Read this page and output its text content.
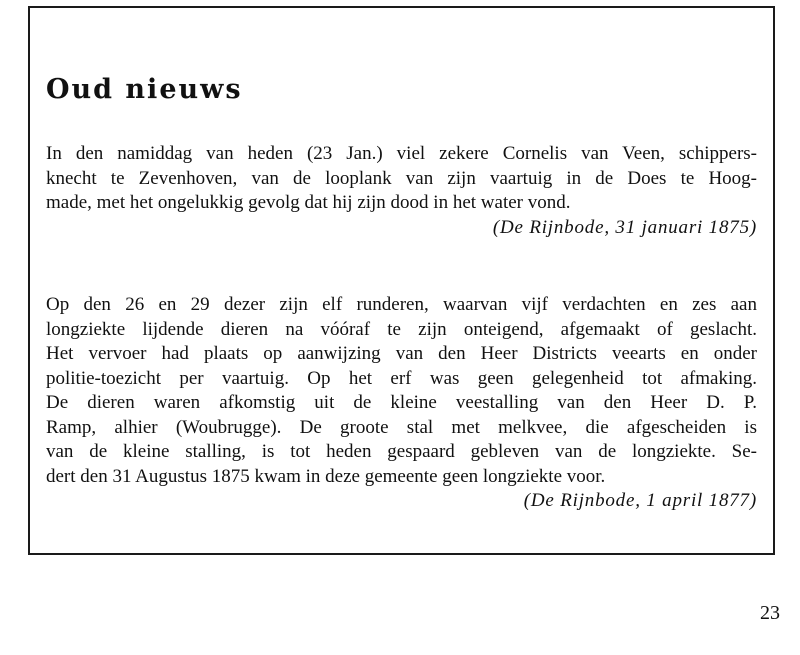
Oud nieuws
In den namiddag van heden (23 Jan.) viel zekere Cornelis van Veen, schippers-
knecht te Zevenhoven, van de looplank van zijn vaartuig in de Does te Hoog-
made, met het ongelukkig gevolg dat hij zijn dood in het water vond.
(De Rijnbode, 31 januari 1875)
Op den 26 en 29 dezer zijn elf runderen, waarvan vijf verdachten en zes aan
longziekte lijdende dieren na vóóraf te zijn onteigend, afgemaakt of geslacht.
Het vervoer had plaats op aanwijzing van den Heer Districts veearts en onder
politie-toezicht per vaartuig. Op het erf was geen gelegenheid tot afmaking.
De dieren waren afkomstig uit de kleine veestalling van den Heer D. P.
Ramp, alhier (Woubrugge). De groote stal met melkvee, die afgescheiden is
van de kleine stalling, is tot heden gespaard gebleven van de longziekte. Se-
dert den 31 Augustus 1875 kwam in deze gemeente geen longziekte voor.
(De Rijnbode, 1 april 1877)
23
